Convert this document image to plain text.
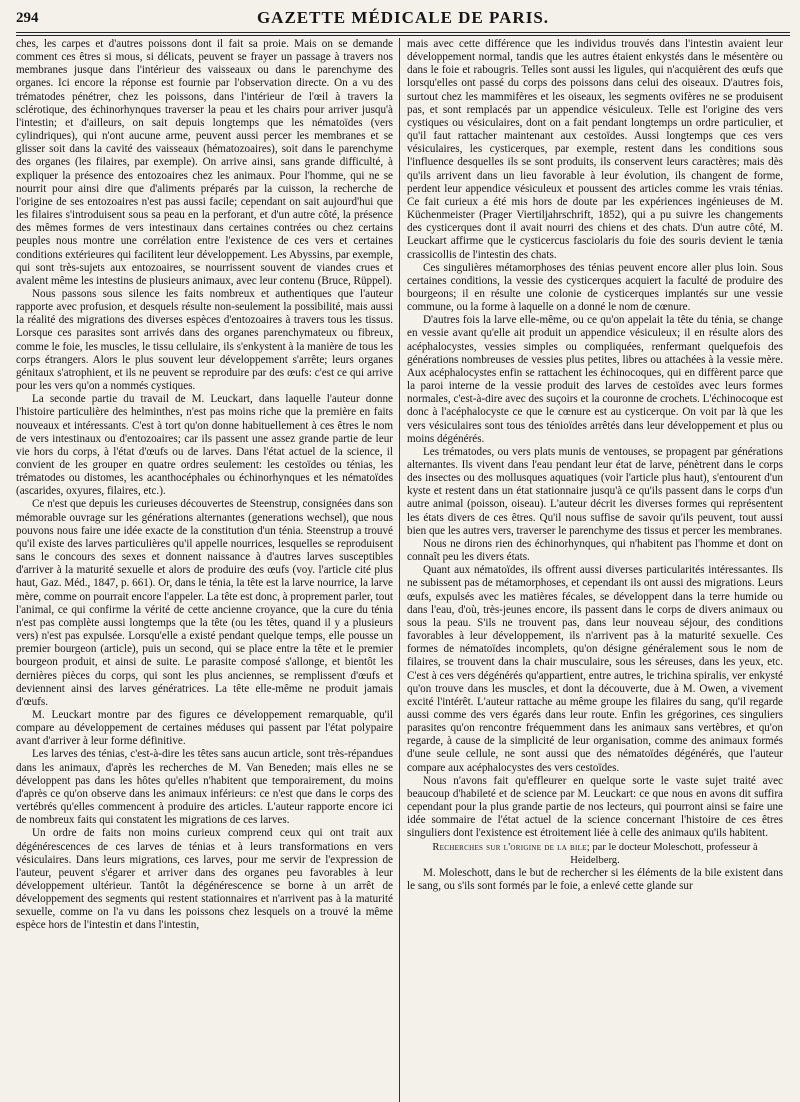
294	GAZETTE MÉDICALE DE PARIS.

ches, les carpes et d'autres poissons dont il fait sa proie. Mais on se demande comment ces êtres si mous, si délicats, peuvent se frayer un passage à travers nos membranes jusque dans l'intérieur des vaisseaux ou dans le parenchyme des organes. Ici encore la réponse est fournie par l'observation directe. On a vu des trématodes pénétrer, chez les poissons, dans l'intérieur de l'œil à travers la sclérotique, des échinorhynques traverser la peau et les chairs pour arriver jusqu'à l'intestin; et d'ailleurs, on sait depuis longtemps que les nématoïdes (vers cylindriques), qui n'ont aucune arme, peuvent aussi percer les membranes et se glisser soit dans la cavité des vaisseaux (hématozoaires), soit dans le parenchyme des organes (les filaires, par exemple). On arrive ainsi, sans grande difficulté, à expliquer la présence des entozoaires chez les animaux. Pour l'homme, qui ne se nourrit pour ainsi dire que d'aliments préparés par la cuisson, la recherche de l'origine de ses entozoaires n'est pas aussi facile; cependant on sait aujourd'hui que les filaires s'introduisent sous sa peau en la perforant, et d'un autre côté, la présence des mêmes formes de vers intestinaux dans certaines contrées ou chez certains peuples nous montre une corrélation entre l'existence de ces vers et certaines conditions extérieures qui facilitent leur développement. Les Abyssins, par exemple, qui sont très-sujets aux entozoaires, se nourrissent souvent de viandes crues et avalent même les intestins de plusieurs animaux, avec leur contenu (Bruce, Rüppel).

Nous passons sous silence les faits nombreux et authentiques que l'auteur rapporte avec profusion, et desquels résulte non-seulement la possibilité, mais aussi la réalité des migrations des diverses espèces d'entozoaires à travers tous les tissus. Lorsque ces parasites sont arrivés dans des organes parenchymateux ou fibreux, comme le foie, les muscles, le tissu cellulaire, ils s'enkystent à la manière de tous les corps étrangers. Alors le plus souvent leur développement s'arrête; leurs organes génitaux s'atrophient, et ils ne peuvent se reproduire par des œufs: c'est ce qui arrive pour les vers qu'on a nommés cystiques.

La seconde partie du travail de M. Leuckart, dans laquelle l'auteur donne l'histoire particulière des helminthes, n'est pas moins riche que la première en faits nouveaux et intéressants. C'est à tort qu'on donne habituellement à ces êtres le nom de vers intestinaux ou d'entozoaires; car ils passent une assez grande partie de leur vie hors du corps, à l'état d'œufs ou de larves. Dans l'état actuel de la science, il convient de les grouper en quatre ordres seulement: les cestoïdes ou ténias, les trématodes ou distomes, les acanthocéphales ou échinorhynques et les nématoïdes (ascarides, oxyures, filaires, etc.).

Ce n'est que depuis les curieuses découvertes de Steenstrup, consignées dans son mémorable ouvrage sur les générations alternantes (generations wechsel), que nous pouvons nous faire une idée exacte de la constitution d'un ténia. Steenstrup a trouvé qu'il existe des larves particulières qu'il appelle nourrices, lesquelles se reproduisent sans le concours des sexes et donnent naissance à d'autres larves susceptibles d'arriver à la maturité sexuelle et alors de produire des œufs (voy. l'article cité plus haut, Gaz. Méd., 1847, p. 661). Or, dans le ténia, la tête est la larve nourrice, la larve mère, comme on pourrait encore l'appeler. La tête est donc, à proprement parler, tout l'animal, ce qui confirme la vérité de cette ancienne croyance, que la cure du ténia n'est pas complète aussi longtemps que la tête (ou les têtes, quand il y a plusieurs vers) n'est pas expulsée. Lorsqu'elle a existé pendant quelque temps, elle pousse un premier bourgeon (article), puis un second, qui se place entre la tête et le premier bourgeon produit, et ainsi de suite. Le parasite composé s'allonge, et bientôt les dernières pièces du corps, qui sont les plus anciennes, se remplissent d'œufs et deviennent ainsi des larves génératrices. La tête elle-même ne produit jamais d'œufs.

M. Leuckart montre par des figures ce développement remarquable, qu'il compare au développement de certaines méduses qui passent par l'état polypaire avant d'arriver à leur forme définitive.

Les larves des ténias, c'est-à-dire les têtes sans aucun article, sont très-répandues dans les animaux, d'après les recherches de M. Van Beneden; mais elles ne se développent pas dans les hôtes qu'elles n'habitent que temporairement, du moins d'après ce qu'on observe dans les animaux inférieurs: ce n'est que dans le corps des vertébrés qu'elles commencent à produire des articles. L'auteur rapporte encore ici de nombreux faits qui constatent les migrations de ces larves.

Un ordre de faits non moins curieux comprend ceux qui ont trait aux dégénérescences de ces larves de ténias et à leurs transformations en vers vésiculaires. Dans leurs migrations, ces larves, pour me servir de l'expression de l'auteur, peuvent s'égarer et arriver dans des organes peu favorables à leur développement ultérieur. Tantôt la dégénérescence se borne à un arrêt de développement des segments qui restent stationnaires et n'arrivent pas à la maturité sexuelle, comme on l'a vu dans les poissons chez lesquels on a trouvé la même espèce hors de l'intestin et dans l'intestin,

mais avec cette différence que les individus trouvés dans l'intestin avaient leur développement normal, tandis que les autres étaient enkystés dans le mésentère ou dans le foie et rabougris. Telles sont aussi les ligules, qui n'acquièrent des œufs que lorsqu'elles ont passé du corps des poissons dans celui des oiseaux. D'autres fois, surtout chez les mammifères et les oiseaux, les segments ovifères ne se produisent pas, et sont remplacés par un appendice vésiculeux. Telle est l'origine des vers cystiques ou vésiculaires, dont on a fait pendant longtemps un ordre particulier, et qu'il faut rattacher maintenant aux cestoïdes. Aussi longtemps que ces vers vésiculaires, les cysticerques, par exemple, restent dans les conditions sous l'influence desquelles ils se sont produits, ils conservent leurs caractères; mais dès qu'ils arrivent dans un lieu favorable à leur évolution, ils changent de forme, perdent leur appendice vésiculeux et poussent des articles comme les vrais ténias. Ce fait curieux a été mis hors de doute par les expériences ingénieuses de M. Küchenmeister (Prager Viertiljahrschrift, 1852), qui a pu suivre les changements des cysticerques dont il avait nourri des chiens et des chats. D'un autre côté, M. Leuckart affirme que le cysticercus fasciolaris du foie des souris devient le tænia crassicollis de l'intestin des chats.

Ces singulières métamorphoses des ténias peuvent encore aller plus loin. Sous certaines conditions, la vessie des cysticerques acquiert la faculté de produire des bourgeons; il en résulte une colonie de cysticerques implantés sur une vessie commune, ou la forme à laquelle on a donné le nom de cœnure.

D'autres fois la larve elle-même, ou ce qu'on appelait la tête du ténia, se change en vessie avant qu'elle ait produit un appendice vésiculeux; il en résulte alors des acéphalocystes, vessies simples ou compliquées, renfermant quelquefois des générations nombreuses de vessies plus petites, libres ou attachées à la vessie mère. Aux acéphalocystes enfin se rattachent les échinocoques, qui en diffèrent parce que la paroi interne de la vessie produit des larves de cestoïdes avec leurs formes normales, c'est-à-dire avec des suçoirs et la couronne de crochets. L'échinocoque est donc à l'acéphalocyste ce que le cœnure est au cysticerque. On voit par là que les vers vésiculaires sont tous des ténioïdes arrêtés dans leur développement et plus ou moins dégénérés.

Les trématodes, ou vers plats munis de ventouses, se propagent par générations alternantes. Ils vivent dans l'eau pendant leur état de larve, pénètrent dans le corps des insectes ou des mollusques aquatiques (voir l'article plus haut), s'entourent d'un kyste et restent dans un état stationnaire jusqu'à ce qu'ils passent dans le corps d'un autre animal (poisson, oiseau). L'auteur décrit les diverses formes qui représentent les états divers de ces êtres. Qu'il nous suffise de savoir qu'ils peuvent, tout aussi bien que les autres vers, traverser le parenchyme des tissus et percer les membranes.

Nous ne dirons rien des échinorhynques, qui n'habitent pas l'homme et dont on connaît peu les divers états.

Quant aux nématoïdes, ils offrent aussi diverses particularités intéressantes. Ils ne subissent pas de métamorphoses, et cependant ils ont aussi des migrations. Leurs œufs, expulsés avec les matières fécales, se développent dans la terre humide ou dans l'eau, d'où, très-jeunes encore, ils passent dans le corps de divers animaux ou sous la peau. S'ils ne trouvent pas, dans leur nouveau séjour, des conditions favorables à leur développement, ils n'arrivent pas à la maturité sexuelle. Ces formes de nématoïdes incomplets, qu'on désigne généralement sous le nom de filaires, se trouvent dans la chair musculaire, sous les séreuses, dans les yeux, etc. C'est à ces vers dégénérés qu'appartient, entre autres, le trichina spiralis, ver enkysté qu'on trouve dans les muscles, et dont la découverte, due à M. Owen, a vivement excité l'intérêt. L'auteur rattache au même groupe les filaires du sang, qu'il regarde aussi comme des vers égarés dans leur route. Enfin les grégorines, ces singuliers parasites qu'on rencontre fréquemment dans les animaux sans vertèbres, et qu'on regarde, à cause de la simplicité de leur organisation, comme des animaux formés d'une seule cellule, ne sont aussi que des nématoïdes dégénérés, que l'auteur compare aux acéphalocystes des vers cestoïdes.

Nous n'avons fait qu'effleurer en quelque sorte le vaste sujet traité avec beaucoup d'habileté et de science par M. Leuckart: ce que nous en avons dit suffira cependant pour la plus grande partie de nos lecteurs, qui pourront ainsi se faire une idée sommaire de l'état actuel de la science concernant l'histoire de ces êtres singuliers dont l'existence est étroitement liée à celle des animaux qu'ils habitent.

Recherches sur l'origine de la bile; par le docteur Moleschott, professeur à Heidelberg.

M. Moleschott, dans le but de rechercher si les éléments de la bile existent dans le sang, ou s'ils sont formés par le foie, a enlevé cette glande sur
